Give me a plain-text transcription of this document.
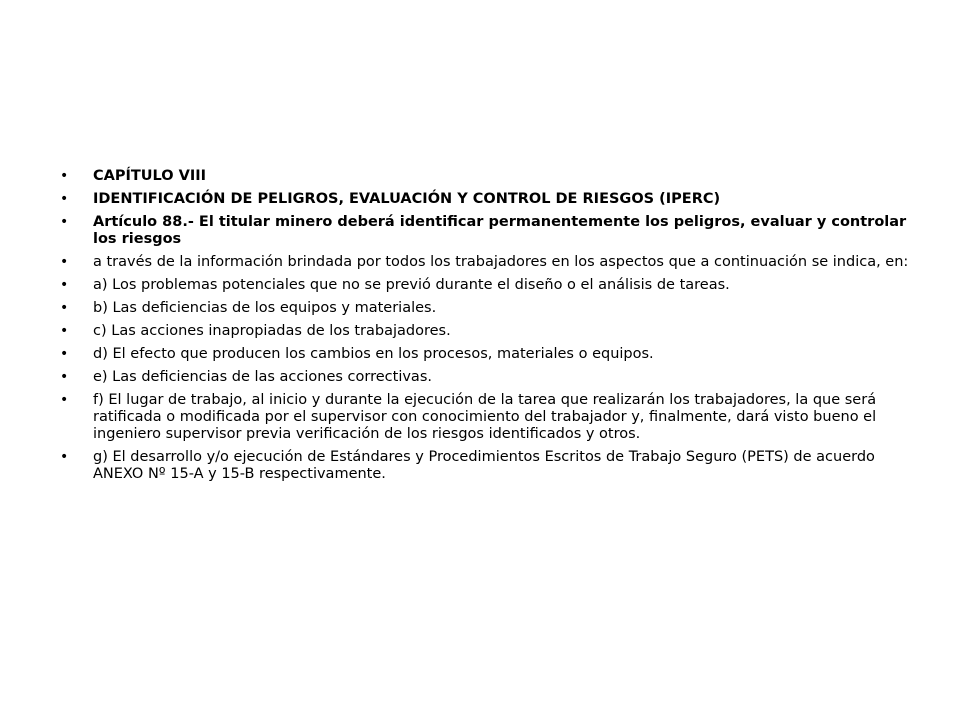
• CAPÍTULO VIII
• IDENTIFICACIÓN DE PELIGROS, EVALUACIÓN Y CONTROL DE RIESGOS (IPERC)
• Artículo 88.- El titular minero deberá identificar permanentemente los peligros, evaluar y controlar los riesgos
• a través de la información brindada por todos los trabajadores en los aspectos que a continuación se indica, en:
• a) Los problemas potenciales que no se previó durante el diseño o el análisis de tareas.
• b) Las deficiencias de los equipos y materiales.
• c) Las acciones inapropiadas de los trabajadores.
• d) El efecto que producen los cambios en los procesos, materiales o equipos.
• e) Las deficiencias de las acciones correctivas.
• f) El lugar de trabajo, al inicio y durante la ejecución de la tarea que realizarán los trabajadores, la que será ratificada o modificada por el supervisor con conocimiento del trabajador y, finalmente, dará visto bueno el ingeniero supervisor previa verificación de los riesgos identificados y otros.
• g) El desarrollo y/o ejecución de Estándares y Procedimientos Escritos de Trabajo Seguro (PETS) de acuerdo ANEXO Nº 15-A y 15-B respectivamente.
